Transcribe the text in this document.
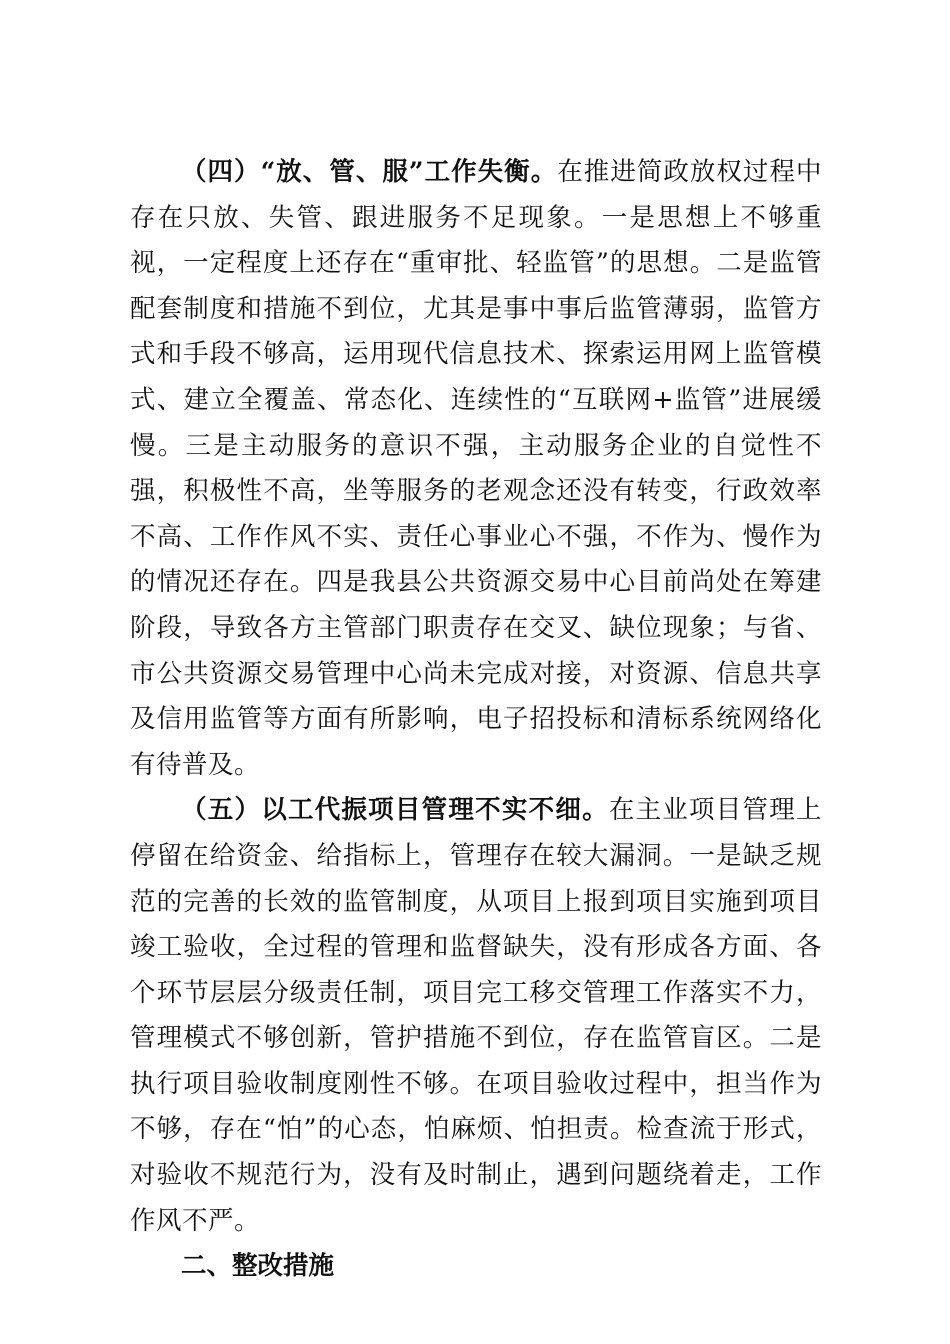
（四）“放、管、服”工作失衡。在推进简政放权过程中存在只放、失管、跟进服务不足现象。一是思想上不够重视，一定程度上还存在“重审批、轻监管”的思想。二是监管配套制度和措施不到位，尤其是事中事后监管薄弱，监管方式和手段不够高，运用现代信息技术、探索运用网上监管模式、建立全覆盖、常态化、连续性的“互联网+监管”进展缓慢。三是主动服务的意识不强，主动服务企业的自觉性不强，积极性不高，坐等服务的老观念还没有转变，行政效率不高、工作作风不实、责任心事业心不强，不作为、慢作为的情况还存在。四是我县公共资源交易中心目前尚处在筹建阶段，导致各方主管部门职责存在交叉、缺位现象；与省、市公共资源交易管理中心尚未完成对接，对资源、信息共享及信用监管等方面有所影响，电子招投标和清标系统网络化有待普及。

（五）以工代振项目管理不实不细。在主业项目管理上停留在给资金、给指标上，管理存在较大漏洞。一是缺乏规范的完善的长效的监管制度，从项目上报到项目实施到项目竣工验收，全过程的管理和监督缺失，没有形成各方面、各个环节层层分级责任制，项目完工移交管理工作落实不力，管理模式不够创新，管护措施不到位，存在监管盲区。二是执行项目验收制度刚性不够。在项目验收过程中，担当作为不够，存在“怕”的心态，怕麻烦、怕担责。检查流于形式，对验收不规范行为，没有及时制止，遇到问题绕着走，工作作风不严。

二、整改措施
